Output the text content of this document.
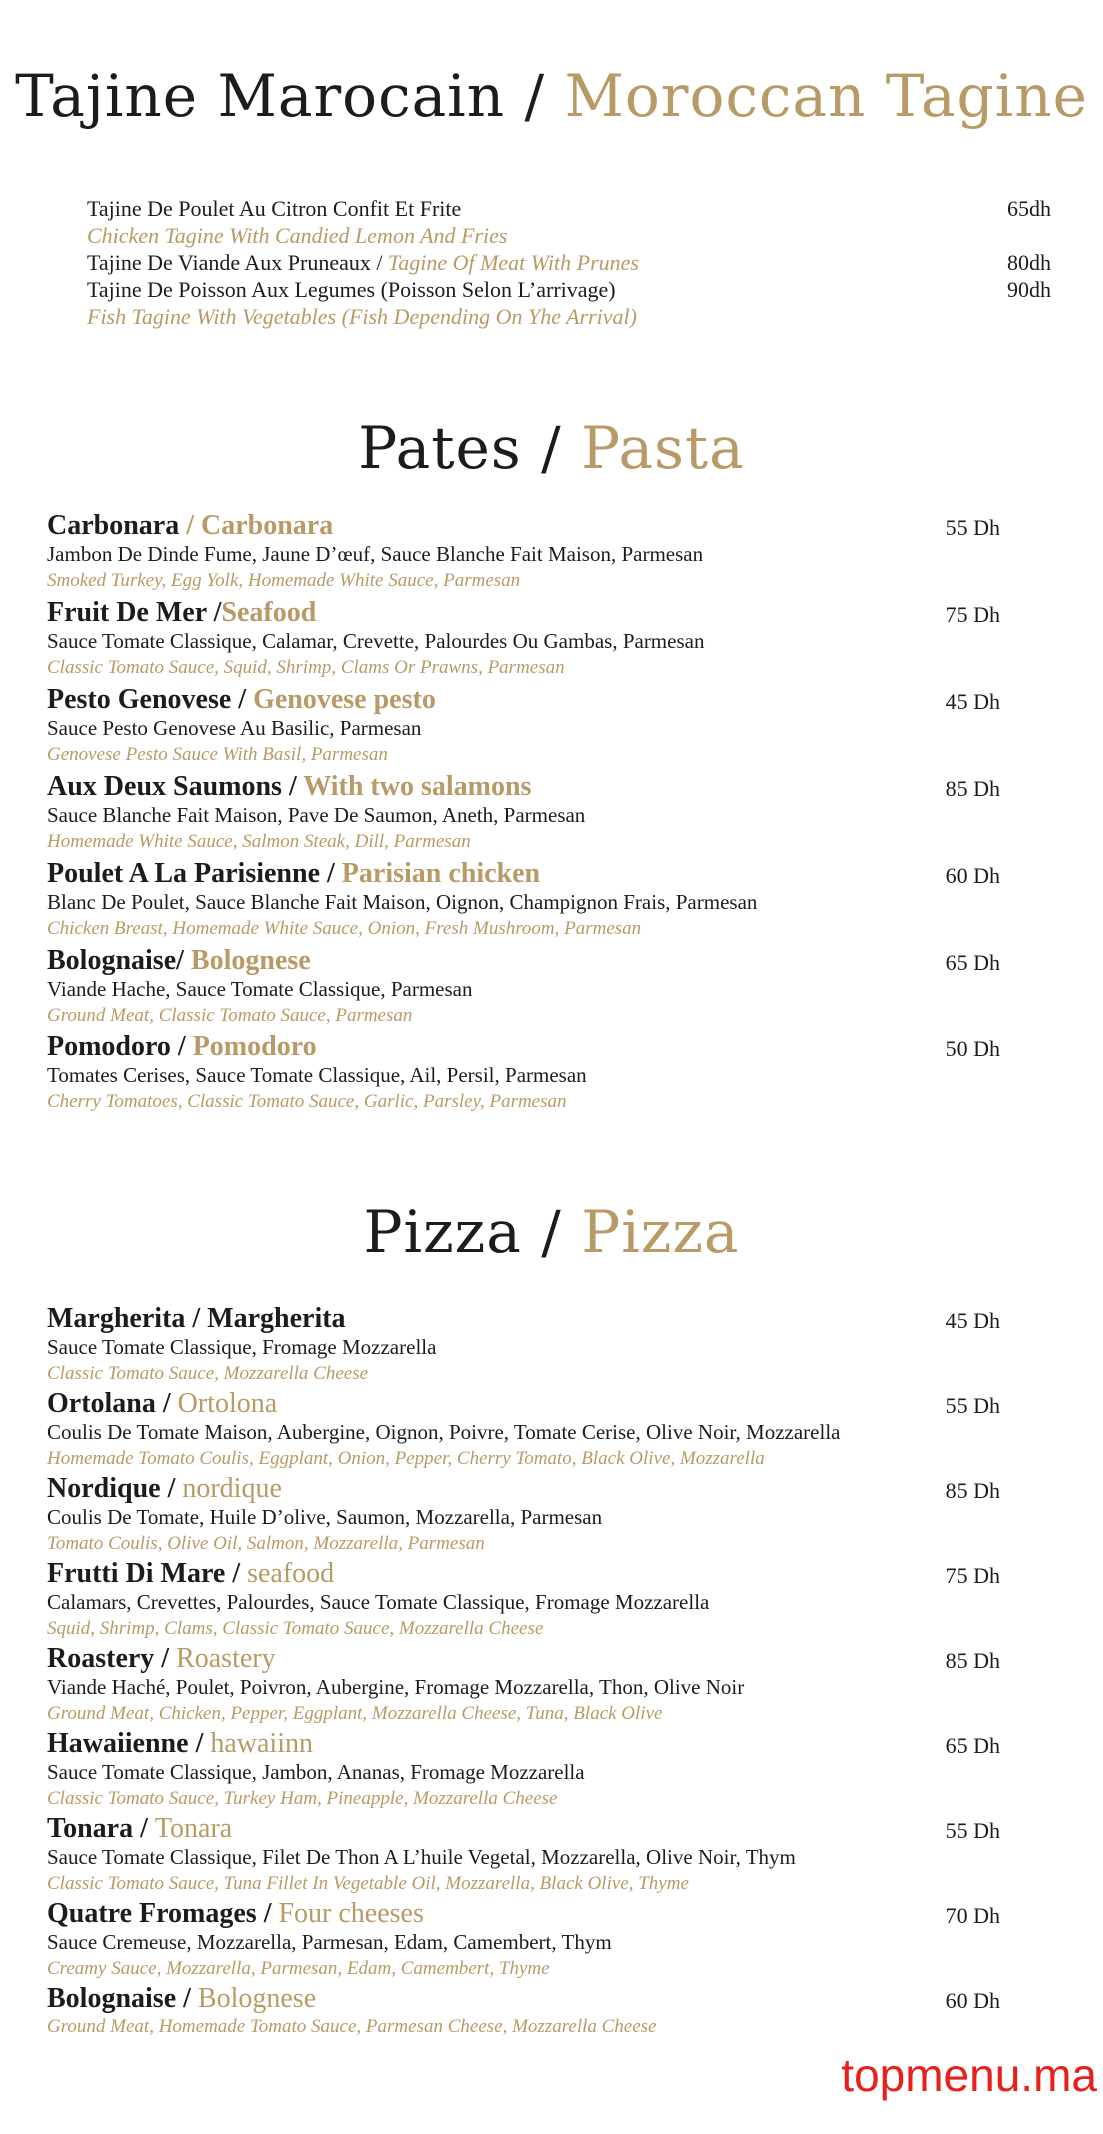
Tajine Marocain / Moroccan Tagine
Tajine De Poulet Au Citron Confit Et Frite	65dh
Chicken Tagine With Candied Lemon And Fries
Tajine De Viande Aux Pruneaux / Tagine Of Meat With Prunes	80dh
Tajine De Poisson Aux Legumes (Poisson Selon L’arrivage)	90dh
Fish Tagine With Vegetables (Fish Depending On Yhe Arrival)
Pates / Pasta
Carbonara / Carbonara
Jambon De Dinde Fume, Jaune D’œuf, Sauce Blanche Fait Maison, Parmesan
Smoked Turkey, Egg Yolk, Homemade White Sauce, Parmesan
55 Dh
Fruit De Mer /Seafood
Sauce Tomate Classique, Calamar, Crevette, Palourdes Ou Gambas, Parmesan
Classic Tomato Sauce, Squid, Shrimp, Clams Or Prawns, Parmesan
75 Dh
Pesto Genovese / Genovese pesto
Sauce Pesto Genovese Au Basilic, Parmesan
Genovese Pesto Sauce With Basil, Parmesan
45 Dh
Aux Deux Saumons / With two salamons
Sauce Blanche Fait Maison, Pave De Saumon, Aneth, Parmesan
Homemade White Sauce, Salmon Steak, Dill, Parmesan
85 Dh
Poulet A La Parisienne / Parisian chicken
Blanc De Poulet, Sauce Blanche Fait Maison, Oignon, Champignon Frais, Parmesan
Chicken Breast, Homemade White Sauce, Onion, Fresh Mushroom, Parmesan
60 Dh
Bolognaise/ Bolognese
Viande Hache, Sauce Tomate Classique, Parmesan
Ground Meat, Classic Tomato Sauce, Parmesan
65 Dh
Pomodoro / Pomodoro
Tomates Cerises, Sauce Tomate Classique, Ail, Persil, Parmesan
Cherry Tomatoes, Classic Tomato Sauce, Garlic, Parsley, Parmesan
50 Dh
Pizza / Pizza
Margherita / Margherita
Sauce Tomate Classique, Fromage Mozzarella
Classic Tomato Sauce, Mozzarella Cheese
45 Dh
Ortolana / Ortolona
Coulis De Tomate Maison, Aubergine, Oignon, Poivre, Tomate Cerise, Olive Noir, Mozzarella
Homemade Tomato Coulis, Eggplant, Onion, Pepper, Cherry Tomato, Black Olive, Mozzarella
55 Dh
Nordique / nordique
Coulis De Tomate, Huile D’olive, Saumon, Mozzarella, Parmesan
Tomato Coulis, Olive Oil, Salmon, Mozzarella, Parmesan
85 Dh
Frutti Di Mare / seafood
Calamars, Crevettes, Palourdes, Sauce Tomate Classique, Fromage Mozzarella
Squid, Shrimp, Clams, Classic Tomato Sauce, Mozzarella Cheese
75 Dh
Roastery / Roastery
Viande Haché, Poulet, Poivron, Aubergine, Fromage Mozzarella, Thon, Olive Noir
Ground Meat, Chicken, Pepper, Eggplant, Mozzarella Cheese, Tuna, Black Olive
85 Dh
Hawaiienne / hawaiinn
Sauce Tomate Classique, Jambon, Ananas, Fromage Mozzarella
Classic Tomato Sauce, Turkey Ham, Pineapple, Mozzarella Cheese
65 Dh
Tonara / Tonara
Sauce Tomate Classique, Filet De Thon A L’huile Vegetal, Mozzarella, Olive Noir, Thym
Classic Tomato Sauce, Tuna Fillet In Vegetable Oil, Mozzarella, Black Olive, Thyme
55 Dh
Quatre Fromages / Four cheeses
Sauce Cremeuse, Mozzarella, Parmesan, Edam, Camembert, Thym
Creamy Sauce, Mozzarella, Parmesan, Edam, Camembert, Thyme
70 Dh
Bolognaise / Bolognese
Ground Meat, Homemade Tomato Sauce, Parmesan Cheese, Mozzarella Cheese
60 Dh
topmenu.ma
